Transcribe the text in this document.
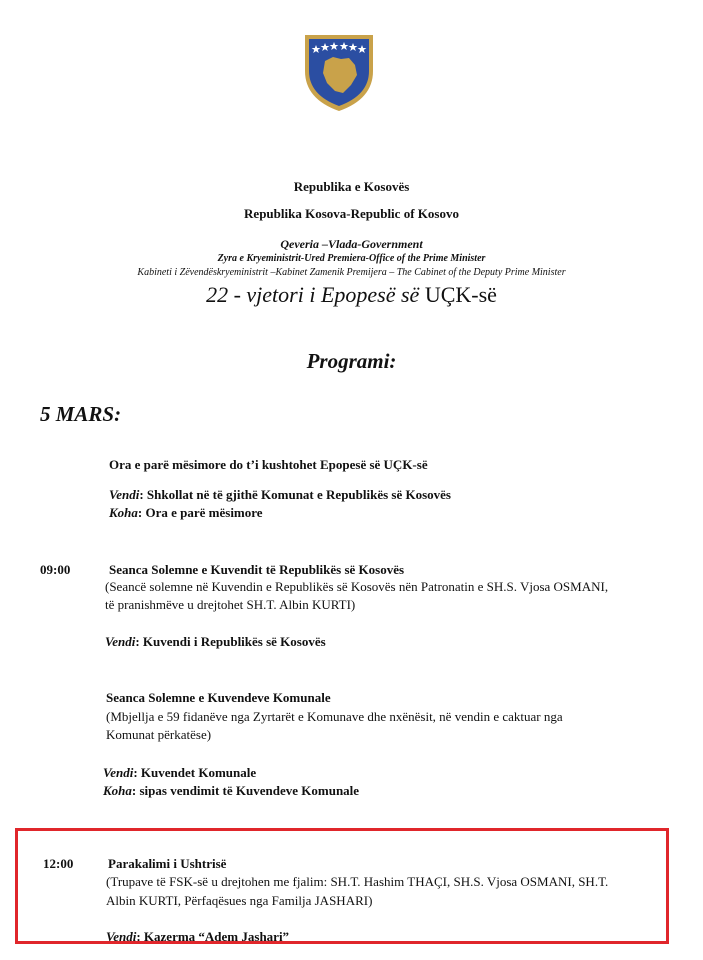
Republika e Kosovës
Republika Kosova-Republic of Kosovo
Qeveria –Vlada-Government
Zyra e Kryeministrit-Ured Premiera-Office of the Prime Minister
Kabineti i Zëvendëskryeministrit –Kabinet Zamenik Premijera – The Cabinet of the Deputy Prime Minister
22 - vjetori i Epopesë së UÇK-së
Programi:
5 MARS:
Ora e parë mësimore do t’i kushtohet Epopesë së UÇK-së
Vendi: Shkollat në të gjithë Komunat e Republikës së Kosovës
Koha: Ora e parë mësimore
09:00	Seanca Solemne e Kuvendit të Republikës së Kosovës
(Seancë solemne në Kuvendin e Republikës së Kosovës nën Patronatin e SH.S. Vjosa OSMANI,
të pranishmëve u drejtohet SH.T. Albin KURTI)
Vendi: Kuvendi i Republikës së Kosovës
Seanca Solemne e Kuvendeve Komunale
(Mbjellja e 59 fidanëve nga Zyrtarët e Komunave dhe nxënësit, në vendin e caktuar nga
Komunat përkatëse)
Vendi: Kuvendet Komunale
Koha: sipas vendimit të Kuvendeve Komunale
12:00	Parakalimi i Ushtrisë
(Trupave të FSK-së u drejtohen me fjalim: SH.T. Hashim THAÇI, SH.S. Vjosa OSMANI, SH.T.
Albin KURTI, Përfaqësues nga Familja JASHARI)
Vendi: Kazerma “Adem Jashari”
